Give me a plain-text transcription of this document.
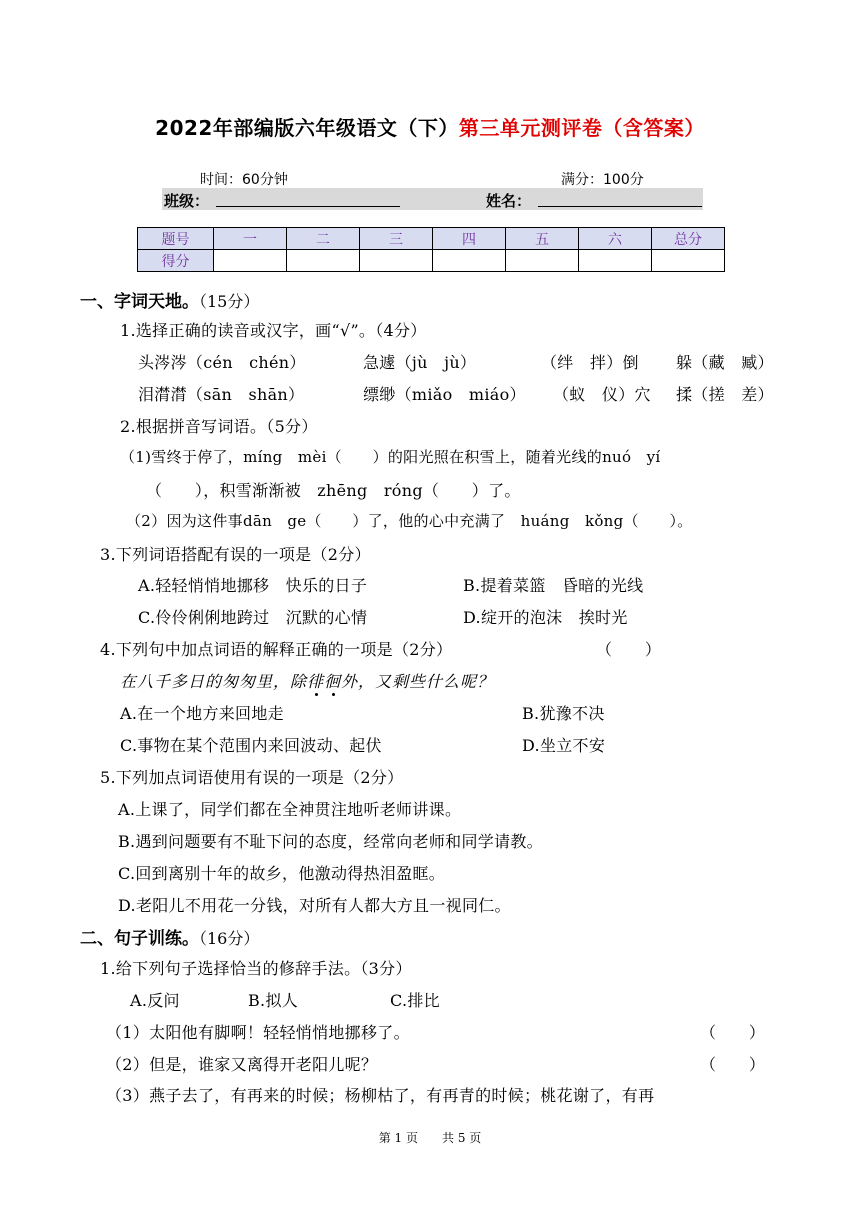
2022年部编版六年级语文（下）第三单元测评卷（含答案）
时间：60分钟	满分：100分
班级：	姓名：
题号	一	二	三	四	五	六	总分
得分							
一、字词天地。（15分）
1.选择正确的读音或汉字，画“√”。（4分）
头涔涔（cén　chén）	急遽（jù　jù）	（绊　拌）倒 躲（藏　臧）
泪潸潸（sān　shān）	缥缈（miǎo　miáo） （蚁　仪）穴 揉（搓　差）
2.根据拼音写词语。（5分）
（1)雪终于停了，míng　mèi（　　）的阳光照在积雪上，随着光线的nuó　yí
（　　），积雪渐渐被　zhēng　róng（　　）了。
（2）因为这件事dān　ge（　　）了，他的心中充满了　huáng　kǒng（　　）。
3.下列词语搭配有误的一项是（2分）
A.轻轻悄悄地挪移　快乐的日子	B.提着菜篮　昏暗的光线
C.伶伶俐俐地跨过　沉默的心情	D.绽开的泡沫　挨时光
4.下列句中加点词语的解释正确的一项是（2分）	（　　）
在八千多日的匆匆里，除徘徊外，又剩些什么呢？
A.在一个地方来回地走	B.犹豫不决
C.事物在某个范围内来回波动、起伏	D.坐立不安
5.下列加点词语使用有误的一项是（2分）
A.上课了，同学们都在全神贯注地听老师讲课。
B.遇到问题要有不耻下问的态度，经常向老师和同学请教。
C.回到离别十年的故乡，他激动得热泪盈眶。
D.老阳儿不用花一分钱，对所有人都大方且一视同仁。
二、句子训练。（16分）
1.给下列句子选择恰当的修辞手法。（3分）
A.反问	B.拟人	C.排比
（1）太阳他有脚啊！轻轻悄悄地挪移了。	（　　）
（2）但是，谁家又离得开老阳儿呢？	（　　）
（3）燕子去了，有再来的时候；杨柳枯了，有再青的时候；桃花谢了，有再
第 1 页　　共 5 页
